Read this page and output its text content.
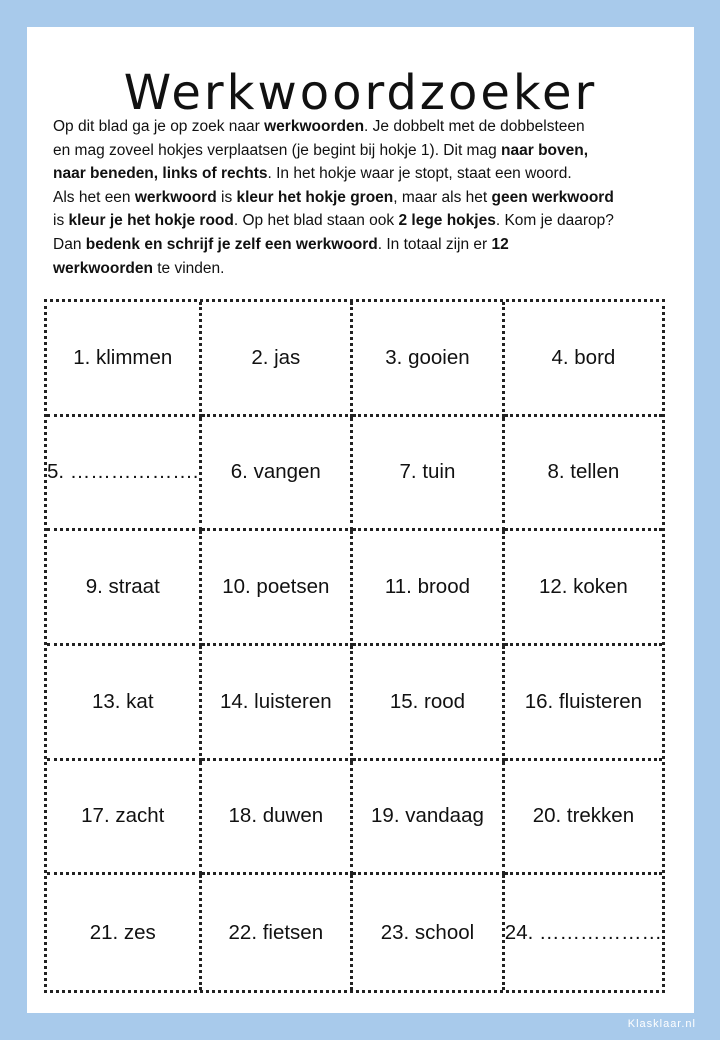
Werkwoordzoeker
Op dit blad ga je op zoek naar werkwoorden. Je dobbelt met de dobbelsteen
en mag zoveel hokjes verplaatsen (je begint bij hokje 1). Dit mag naar boven,
naar beneden, links of rechts. In het hokje waar je stopt, staat een woord.
Als het een werkwoord is kleur het hokje groen, maar als het geen werkwoord
is kleur je het hokje rood. Op het blad staan ook 2 lege hokjes. Kom je daarop?
Dan bedenk en schrijf je zelf een werkwoord. In totaal zijn er 12
werkwoorden te vinden.
1. klimmen	2. jas	3. gooien	4. bord
5. ……………….	6. vangen	7. tuin	8. tellen
9. straat	10. poetsen	11. brood	12. koken
13. kat	14. luisteren	15. rood	16. fluisteren
17. zacht	18. duwen	19. vandaag	20. trekken
21. zes	22. fietsen	23. school	24. ………………
Klasklaar.nl
